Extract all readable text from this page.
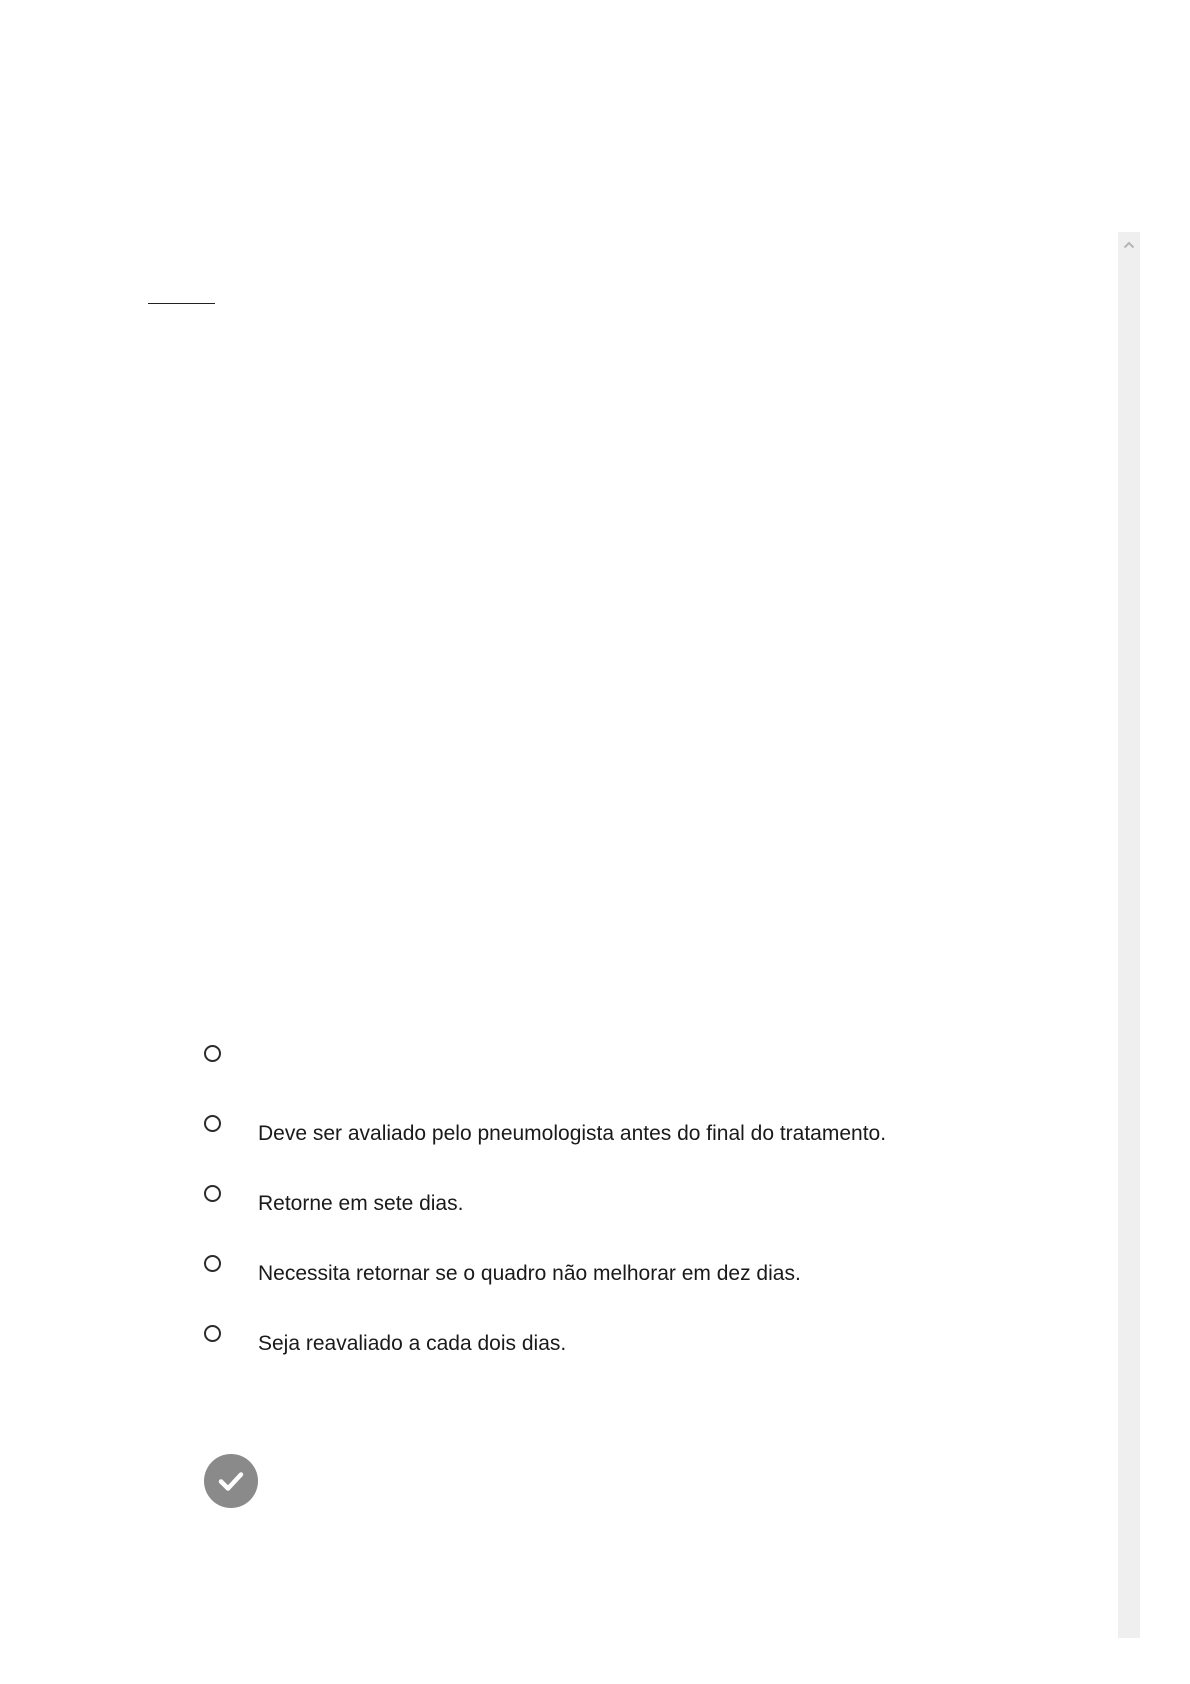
Deve ser avaliado pelo pneumologista antes do final do tratamento.
Retorne em sete dias.
Necessita retornar se o quadro não melhorar em dez dias.
Seja reavaliado a cada dois dias.
